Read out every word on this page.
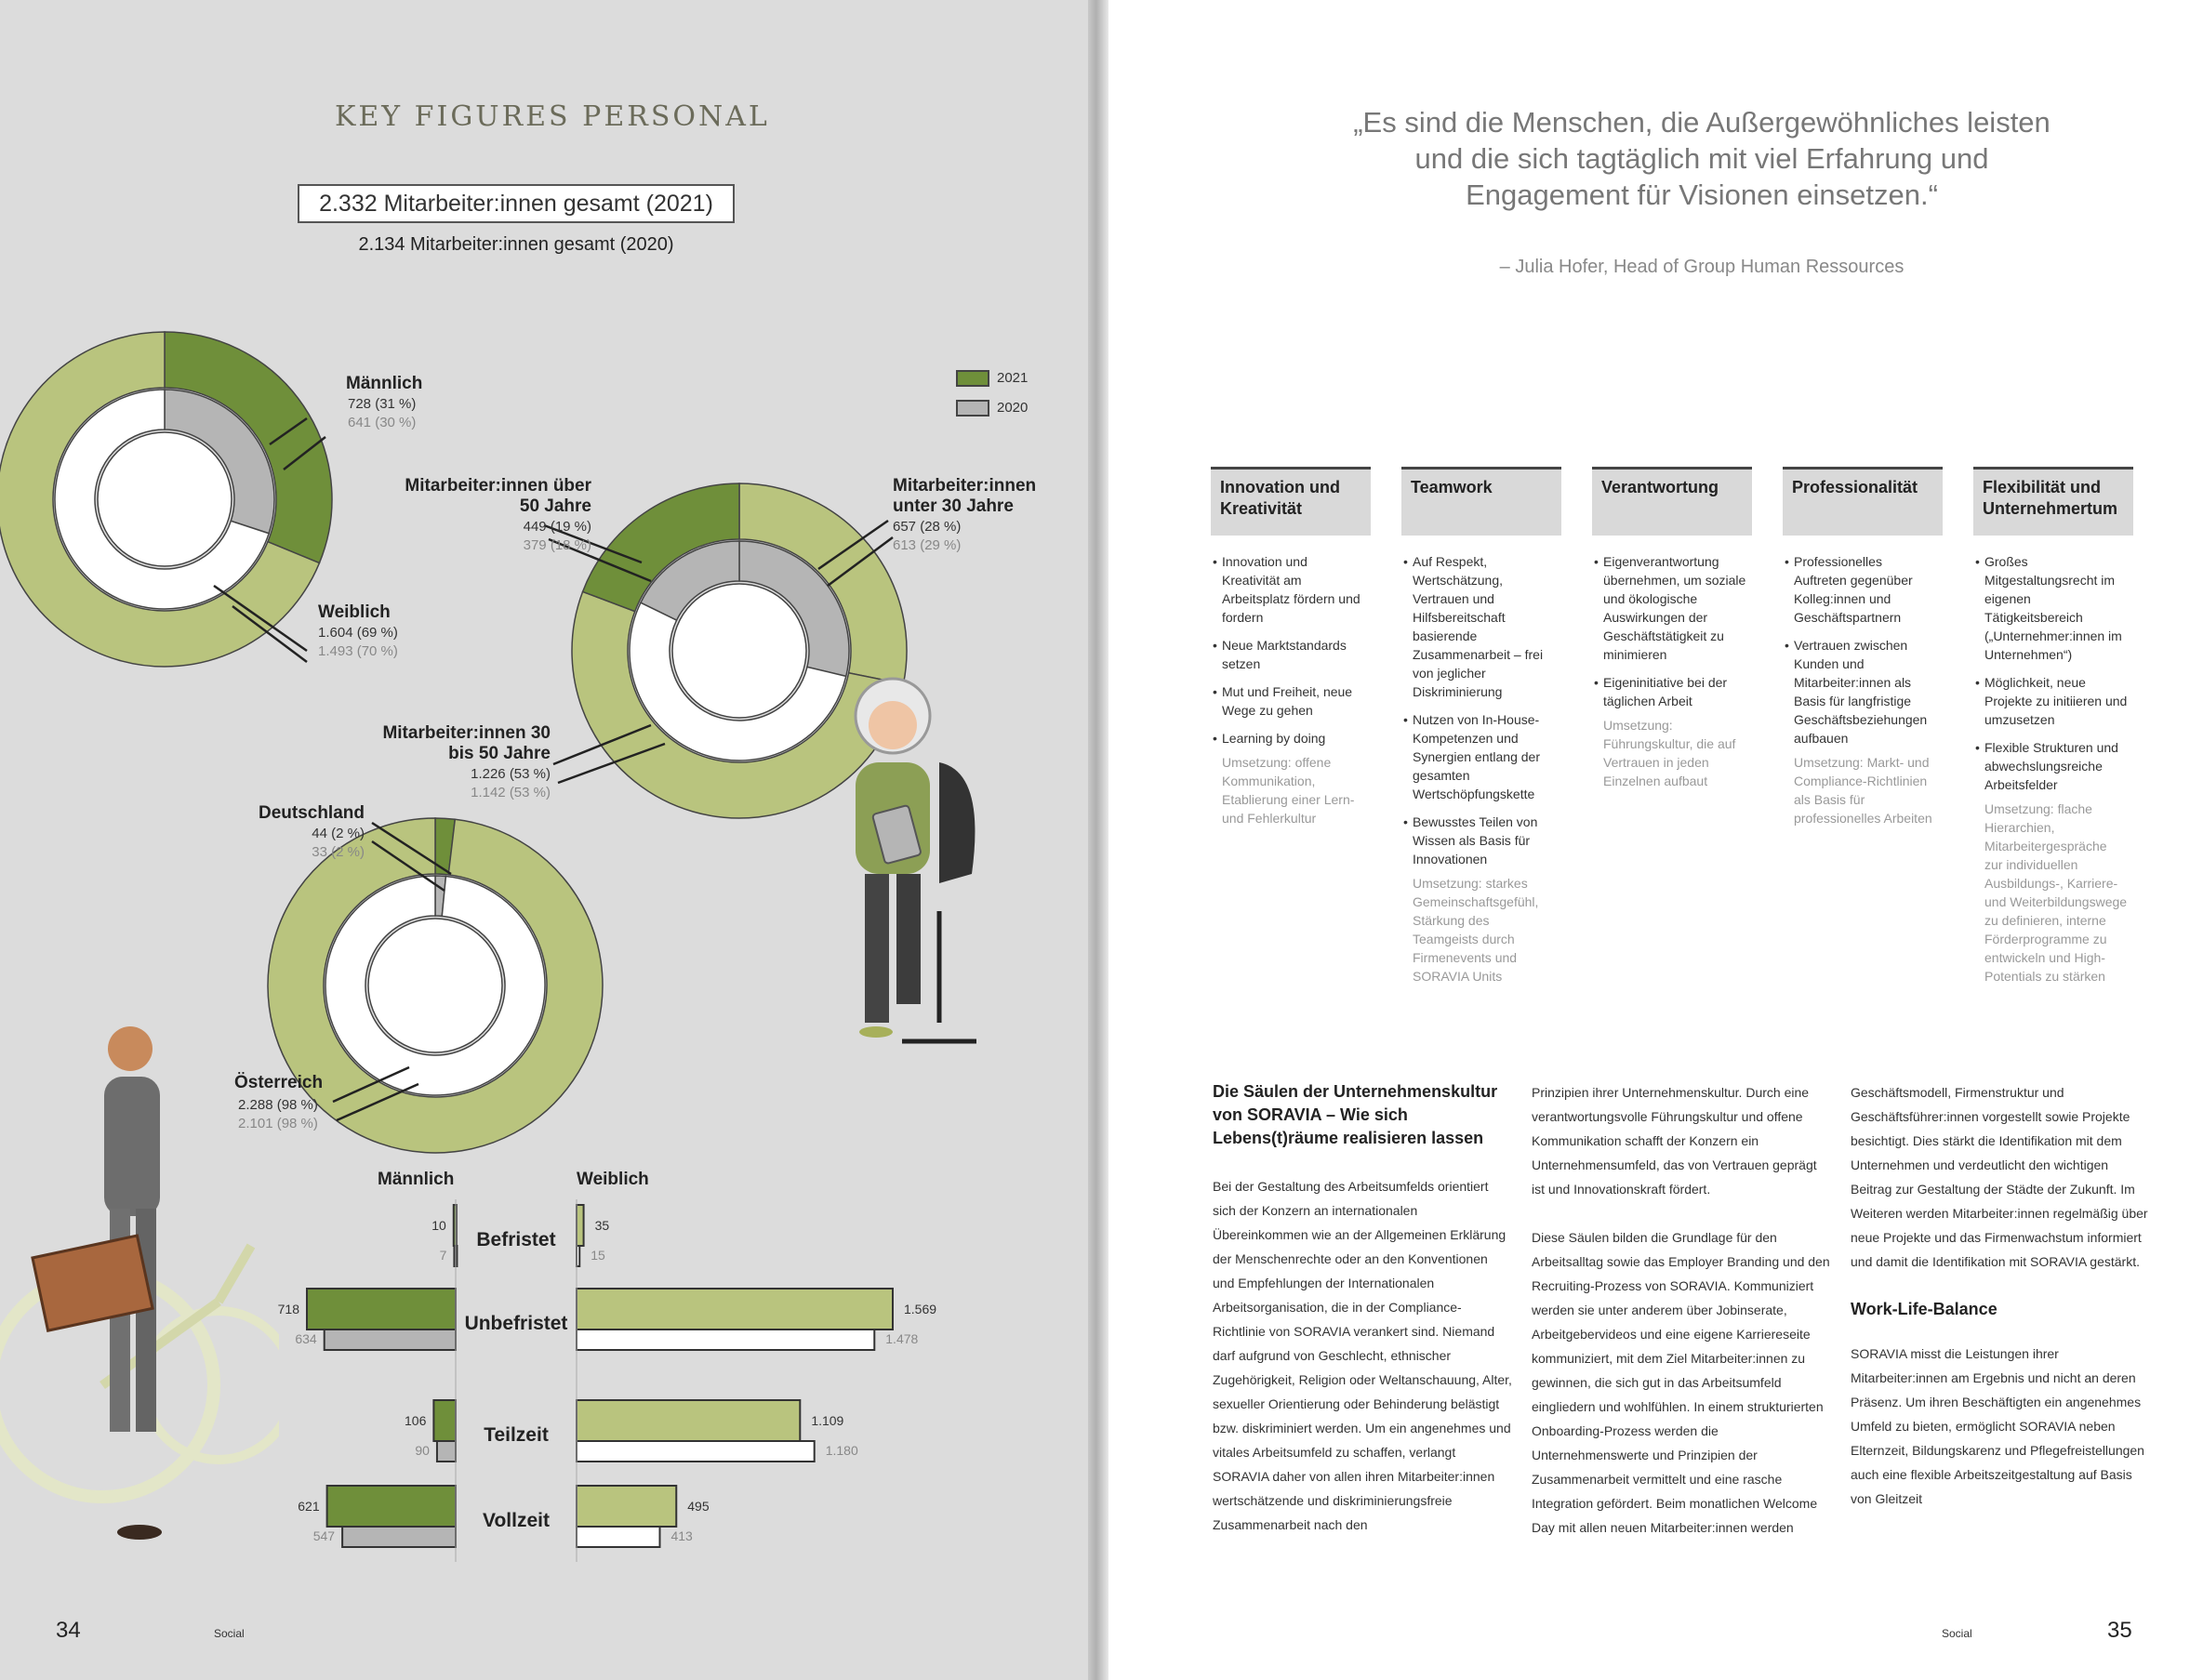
KEY FIGURES PERSONAL
2.332 Mitarbeiter:innen gesamt (2021)
2.134 Mitarbeiter:innen gesamt (2020)
2021
2020
Männlich
728 (31 %)
641 (30 %)
Weiblich
1.604 (69 %)
1.493 (70 %)
Mitarbeiter:innen über 50 Jahre
449 (19 %)
379 (18 %)
Mitarbeiter:innen unter 30 Jahre
657 (28 %)
613 (29 %)
Mitarbeiter:innen 30 bis 50 Jahre
1.226 (53 %)
1.142 (53 %)
Deutschland
44 (2 %)
33 (2 %)
Österreich
2.288 (98 %)
2.101 (98 %)
Männlich	Weiblich
10
7
35
15
Befristet
718
634
1.569
1.478
Unbefristet
106
90
1.109
1.180
Teilzeit
621
547
495
413
Vollzeit
34	Social
„Es sind die Menschen, die Außergewöhnliches leisten und die sich tagtäglich mit viel Erfahrung und Engagement für Visionen einsetzen.“
– Julia Hofer, Head of Group Human Ressources
Innovation und Kreativität
• Innovation und Kreativität am Arbeitsplatz fördern und fordern
• Neue Marktstandards setzen
• Mut und Freiheit, neue Wege zu gehen
• Learning by doing
Umsetzung: offene Kommunikation, Etablierung einer Lern- und Fehlerkultur
Teamwork
• Auf Respekt, Wertschätzung, Vertrauen und Hilfsbereitschaft basierende Zusammenarbeit – frei von jeglicher Diskriminierung
• Nutzen von In-House-Kompetenzen und Synergien entlang der gesamten Wertschöpfungskette
• Bewusstes Teilen von Wissen als Basis für Innovationen
Umsetzung: starkes Gemeinschaftsgefühl, Stärkung des Teamgeists durch Firmenevents und SORAVIA Units
Verantwortung
• Eigenverantwortung übernehmen, um soziale und ökologische Auswirkungen der Geschäftstätigkeit zu minimieren
• Eigeninitiative bei der täglichen Arbeit
Umsetzung: Führungskultur, die auf Vertrauen in jeden Einzelnen aufbaut
Professionalität
• Professionelles Auftreten gegenüber Kolleg:innen und Geschäftspartnern
• Vertrauen zwischen Kunden und Mitarbeiter:innen als Basis für langfristige Geschäftsbeziehungen aufbauen
Umsetzung: Markt- und Compliance-Richtlinien als Basis für professionelles Arbeiten
Flexibilität und Unternehmertum
• Großes Mitgestaltungsrecht im eigenen Tätigkeitsbereich („Unternehmer:innen im Unternehmen“)
• Möglichkeit, neue Projekte zu initiieren und umzusetzen
• Flexible Strukturen und abwechslungsreiche Arbeitsfelder
Umsetzung: flache Hierarchien, Mitarbeitergespräche zur individuellen Ausbildungs-, Karriere- und Weiterbildungswege zu definieren, interne Förderprogramme zu entwickeln und High-Potentials zu stärken
Die Säulen der Unternehmenskultur von SORAVIA – Wie sich Lebens(t)räume realisieren lassen

Bei der Gestaltung des Arbeitsumfelds orientiert sich der Konzern an internationalen Übereinkommen wie an der Allgemeinen Erklärung der Menschenrechte oder an den Konventionen und Empfehlungen der Internationalen Arbeitsorganisation, die in der Compliance-Richtlinie von SORAVIA verankert sind. Niemand darf aufgrund von Geschlecht, ethnischer Zugehörigkeit, Religion oder Weltanschauung, Alter, sexueller Orientierung oder Behinderung belästigt bzw. diskriminiert werden. Um ein angenehmes und vitales Arbeitsumfeld zu schaffen, verlangt SORAVIA daher von allen ihren Mitarbeiter:innen wertschätzende und diskriminierungsfreie Zusammenarbeit nach den

Prinzipien ihrer Unternehmenskultur. Durch eine verantwortungsvolle Führungskultur und offene Kommunikation schafft der Konzern ein Unternehmensumfeld, das von Vertrauen geprägt ist und Innovationskraft fördert.

Diese Säulen bilden die Grundlage für den Arbeitsalltag sowie das Employer Branding und den Recruiting-Prozess von SORAVIA. Kommuniziert werden sie unter anderem über Jobinserate, Arbeitgebervideos und eine eigene Karriereseite kommuniziert, mit dem Ziel Mitarbeiter:innen zu gewinnen, die sich gut in das Arbeitsumfeld eingliedern und wohlfühlen. In einem strukturierten Onboarding-Prozess werden die Unternehmenswerte und Prinzipien der Zusammenarbeit vermittelt und eine rasche Integration gefördert. Beim monatlichen Welcome Day mit allen neuen Mitarbeiter:innen werden

Geschäftsmodell, Firmenstruktur und Geschäftsführer:innen vorgestellt sowie Projekte besichtigt. Dies stärkt die Identifikation mit dem Unternehmen und verdeutlicht den wichtigen Beitrag zur Gestaltung der Städte der Zukunft. Im Weiteren werden Mitarbeiter:innen regelmäßig über neue Projekte und das Firmenwachstum informiert und damit die Identifikation mit SORAVIA gestärkt.

Work-Life-Balance

SORAVIA misst die Leistungen ihrer Mitarbeiter:innen am Ergebnis und nicht an deren Präsenz. Um ihren Beschäftigten ein angenehmes Umfeld zu bieten, ermöglicht SORAVIA neben Elternzeit, Bildungskarenz und Pflegefreistellungen auch eine flexible Arbeitszeitgestaltung auf Basis von Gleitzeit

Social	35
